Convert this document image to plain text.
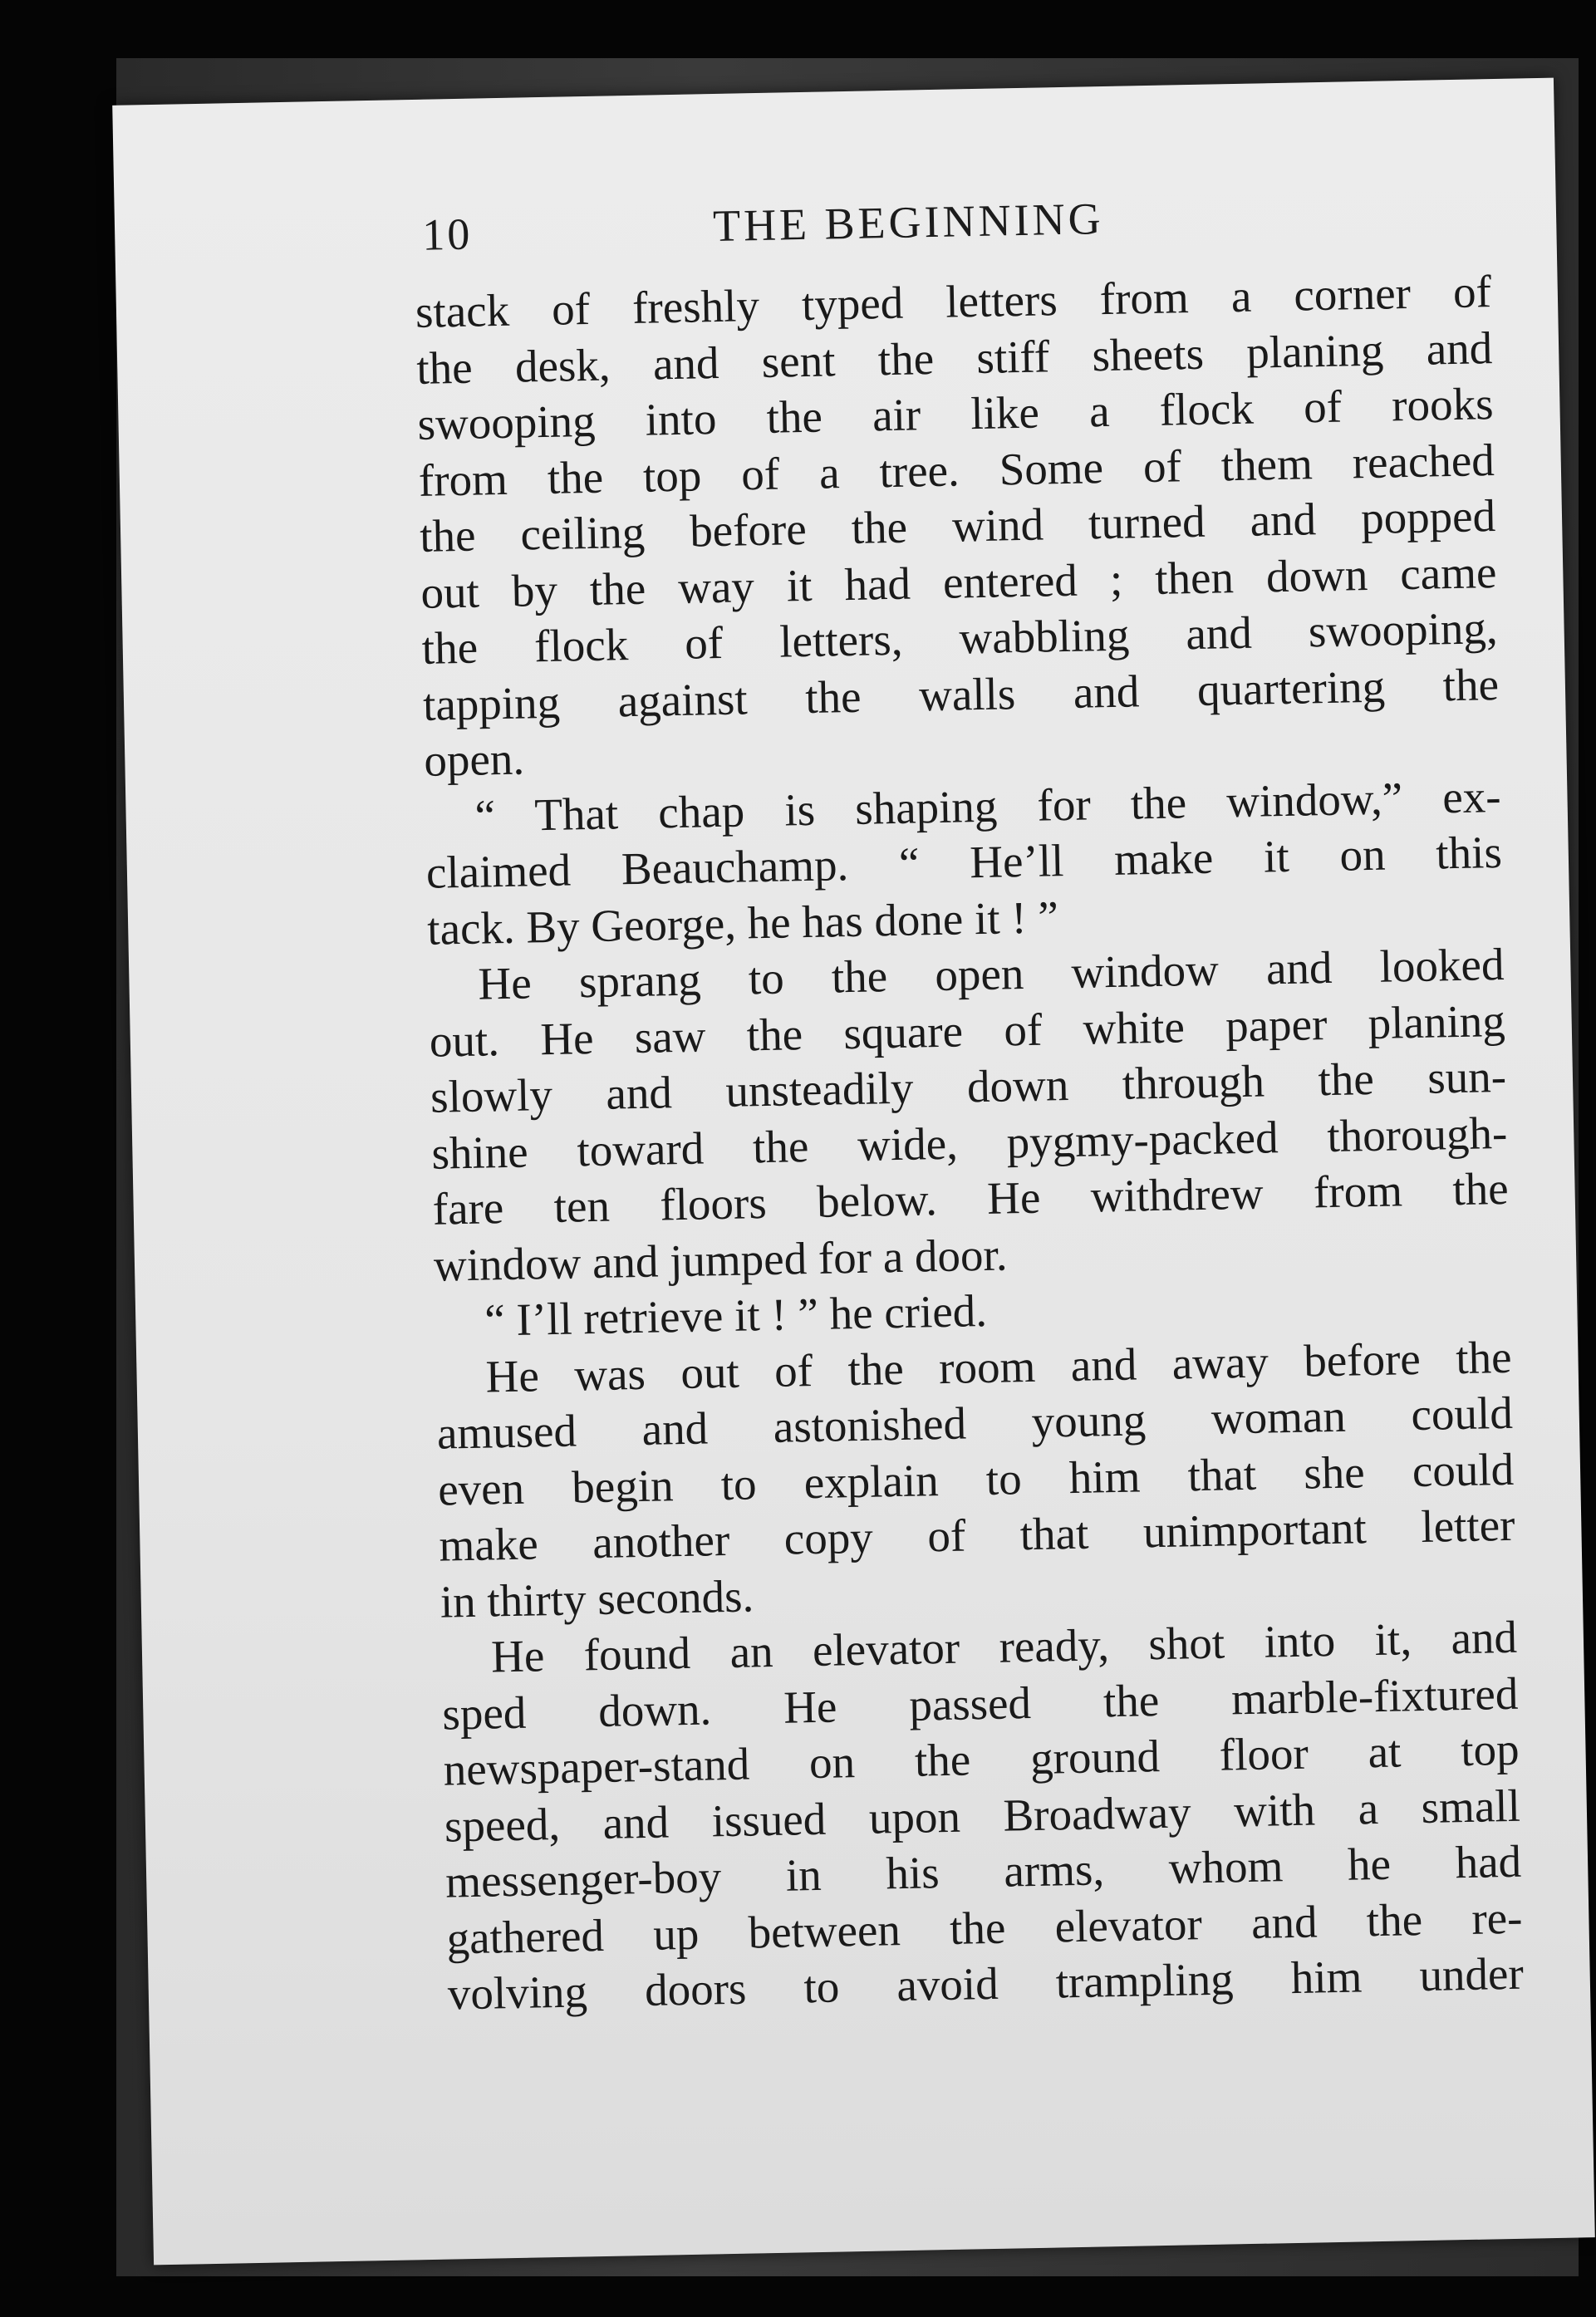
10	THE BEGINNING
stack of freshly typed letters from a corner of
the desk, and sent the stiff sheets planing and
swooping into the air like a flock of rooks
from the top of a tree. Some of them reached
the ceiling before the wind turned and popped
out by the way it had entered ; then down came
the flock of letters, wabbling and swooping,
tapping against the walls and quartering the
open.
“ That chap is shaping for the window,” ex-
claimed Beauchamp. “ He’ll make it on this
tack. By George, he has done it ! ”
He sprang to the open window and looked
out. He saw the square of white paper planing
slowly and unsteadily down through the sun-
shine toward the wide, pygmy-packed thorough-
fare ten floors below. He withdrew from the
window and jumped for a door.
“ I’ll retrieve it ! ” he cried.
He was out of the room and away before the
amused and astonished young woman could
even begin to explain to him that she could
make another copy of that unimportant letter
in thirty seconds.
He found an elevator ready, shot into it, and
sped down. He passed the marble-fixtured
newspaper-stand on the ground floor at top
speed, and issued upon Broadway with a small
messenger-boy in his arms, whom he had
gathered up between the elevator and the re-
volving doors to avoid trampling him under
